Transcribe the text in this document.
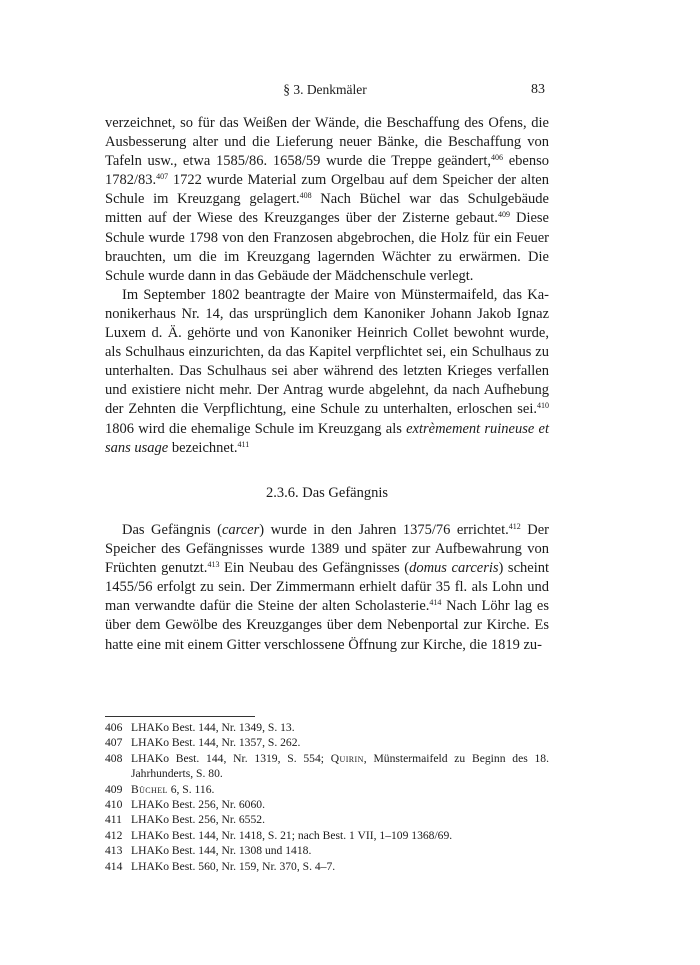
§ 3. Denkmäler	83

verzeichnet, so für das Weißen der Wände, die Beschaffung des Ofens, die Ausbesserung alter und die Lieferung neuer Bänke, die Beschaffung von Tafeln usw., etwa 1585/86. 1658/59 wurde die Treppe geändert,$^{406}$ ebenso 1782/83.$^{407}$ 1722 wurde Material zum Orgelbau auf dem Speicher der alten Schule im Kreuzgang gelagert.$^{408}$ Nach Büchel war das Schulgebäude mitten auf der Wiese des Kreuzganges über der Zisterne gebaut.$^{409}$ Diese Schule wurde 1798 von den Franzosen abgebrochen, die Holz für ein Feuer brauchten, um die im Kreuzgang lagernden Wächter zu erwärmen. Die Schule wurde dann in das Gebäude der Mädchenschule verlegt.

Im September 1802 beantragte der Maire von Münstermaifeld, das Kanonikerhaus Nr. 14, das ursprünglich dem Kanoniker Johann Jakob Ignaz Luxem d. Ä. gehörte und von Kanoniker Heinrich Collet bewohnt wurde, als Schulhaus einzurichten, da das Kapitel verpflichtet sei, ein Schulhaus zu unterhalten. Das Schulhaus sei aber während des letzten Krieges verfallen und existiere nicht mehr. Der Antrag wurde abgelehnt, da nach Aufhebung der Zehnten die Verpflichtung, eine Schule zu unterhalten, erloschen sei.$^{410}$ 1806 wird die ehemalige Schule im Kreuzgang als extrèmement ruineuse et sans usage bezeichnet.$^{411}$

2.3.6. Das Gefängnis

Das Gefängnis (carcer) wurde in den Jahren 1375/76 errichtet.$^{412}$ Der Speicher des Gefängnisses wurde 1389 und später zur Aufbewahrung von Früchten genutzt.$^{413}$ Ein Neubau des Gefängnisses (domus carceris) scheint 1455/56 erfolgt zu sein. Der Zimmermann erhielt dafür 35 fl. als Lohn und man verwandte dafür die Steine der alten Scholasterie.$^{414}$ Nach Löhr lag es über dem Gewölbe des Kreuzganges über dem Nebenportal zur Kirche. Es hatte eine mit einem Gitter verschlossene Öffnung zur Kirche, die 1819 zu-

406 LHAKo Best. 144, Nr. 1349, S. 13.
407 LHAKo Best. 144, Nr. 1357, S. 262.
408 LHAKo Best. 144, Nr. 1319, S. 554; Quirin, Münstermaifeld zu Beginn des 18. Jahrhunderts, S. 80.
409 Büchel 6, S. 116.
410 LHAKo Best. 256, Nr. 6060.
411 LHAKo Best. 256, Nr. 6552.
412 LHAKo Best. 144, Nr. 1418, S. 21; nach Best. 1 VII, 1–109 1368/69.
413 LHAKo Best. 144, Nr. 1308 und 1418.
414 LHAKo Best. 560, Nr. 159, Nr. 370, S. 4–7.
